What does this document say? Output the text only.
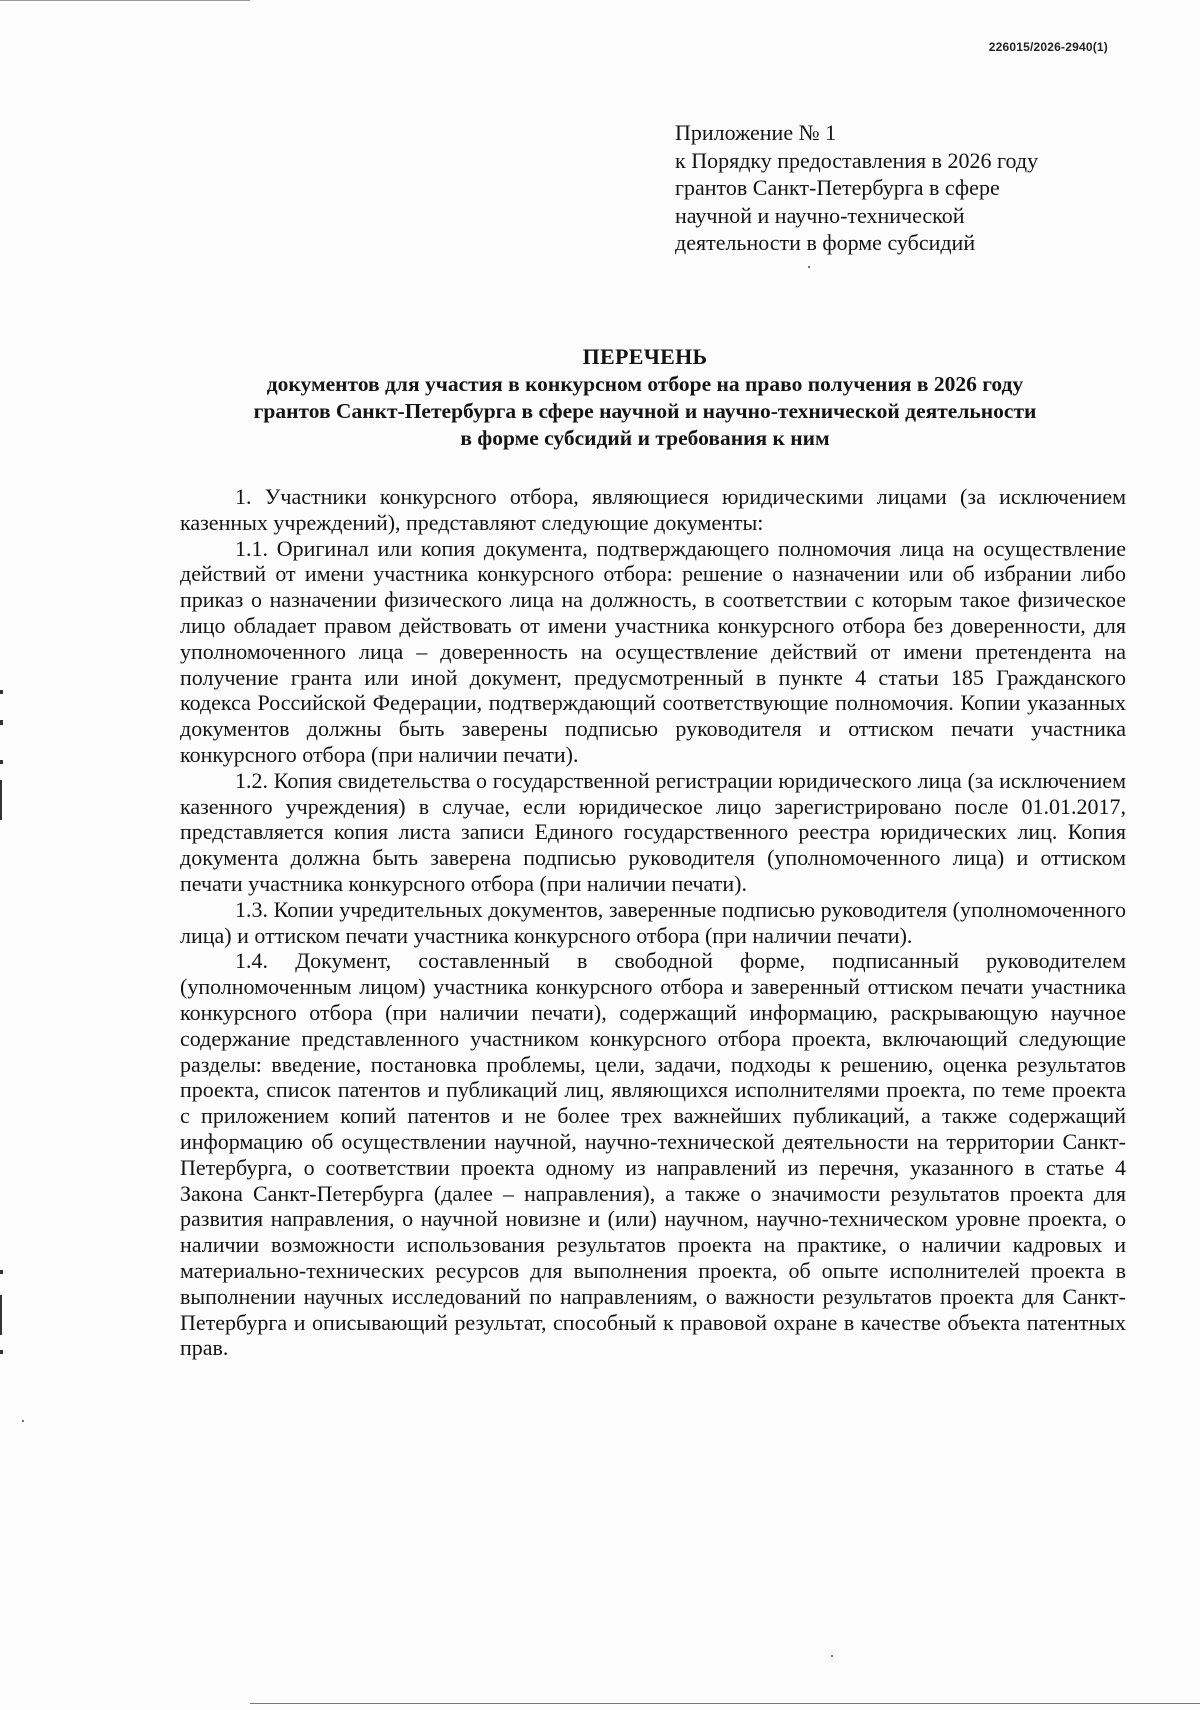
226015/2026-2940(1)
Приложение № 1
к Порядку предоставления в 2026 году
грантов Санкт-Петербурга в сфере
научной и научно-технической
деятельности в форме субсидий
ПЕРЕЧЕНЬ
документов для участия в конкурсном отборе на право получения в 2026 году
грантов Санкт-Петербурга в сфере научной и научно-технической деятельности
в форме субсидий и требования к ним

1. Участники конкурсного отбора, являющиеся юридическими лицами (за исключением казенных учреждений), представляют следующие документы:

1.1. Оригинал или копия документа, подтверждающего полномочия лица на осуществление действий от имени участника конкурсного отбора: решение о назначении или об избрании либо приказ о назначении физического лица на должность, в соответствии с которым такое физическое лицо обладает правом действовать от имени участника конкурсного отбора без доверенности, для уполномоченного лица – доверенность на осуществление действий от имени претендента на получение гранта или иной документ, предусмотренный в пункте 4 статьи 185 Гражданского кодекса Российской Федерации, подтверждающий соответствующие полномочия. Копии указанных документов должны быть заверены подписью руководителя и оттиском печати участника конкурсного отбора (при наличии печати).

1.2. Копия свидетельства о государственной регистрации юридического лица (за исключением казенного учреждения) в случае, если юридическое лицо зарегистрировано после 01.01.2017, представляется копия листа записи Единого государственного реестра юридических лиц. Копия документа должна быть заверена подписью руководителя (уполномоченного лица) и оттиском печати участника конкурсного отбора (при наличии печати).

1.3. Копии учредительных документов, заверенные подписью руководителя (уполномоченного лица) и оттиском печати участника конкурсного отбора (при наличии печати).

1.4. Документ, составленный в свободной форме, подписанный руководителем (уполномоченным лицом) участника конкурсного отбора и заверенный оттиском печати участника конкурсного отбора (при наличии печати), содержащий информацию, раскрывающую научное содержание представленного участником конкурсного отбора проекта, включающий следующие разделы: введение, постановка проблемы, цели, задачи, подходы к решению, оценка результатов проекта, список патентов и публикаций лиц, являющихся исполнителями проекта, по теме проекта с приложением копий патентов и не более трех важнейших публикаций, а также содержащий информацию об осуществлении научной, научно-технической деятельности на территории Санкт-Петербурга, о соответствии проекта одному из направлений из перечня, указанного в статье 4 Закона Санкт-Петербурга (далее – направления), а также о значимости результатов проекта для развития направления, о научной новизне и (или) научном, научно-техническом уровне проекта, о наличии возможности использования результатов проекта на практике, о наличии кадровых и материально-технических ресурсов для выполнения проекта, об опыте исполнителей проекта в выполнении научных исследований по направлениям, о важности результатов проекта для Санкт-Петербурга и описывающий результат, способный к правовой охране в качестве объекта патентных прав.
